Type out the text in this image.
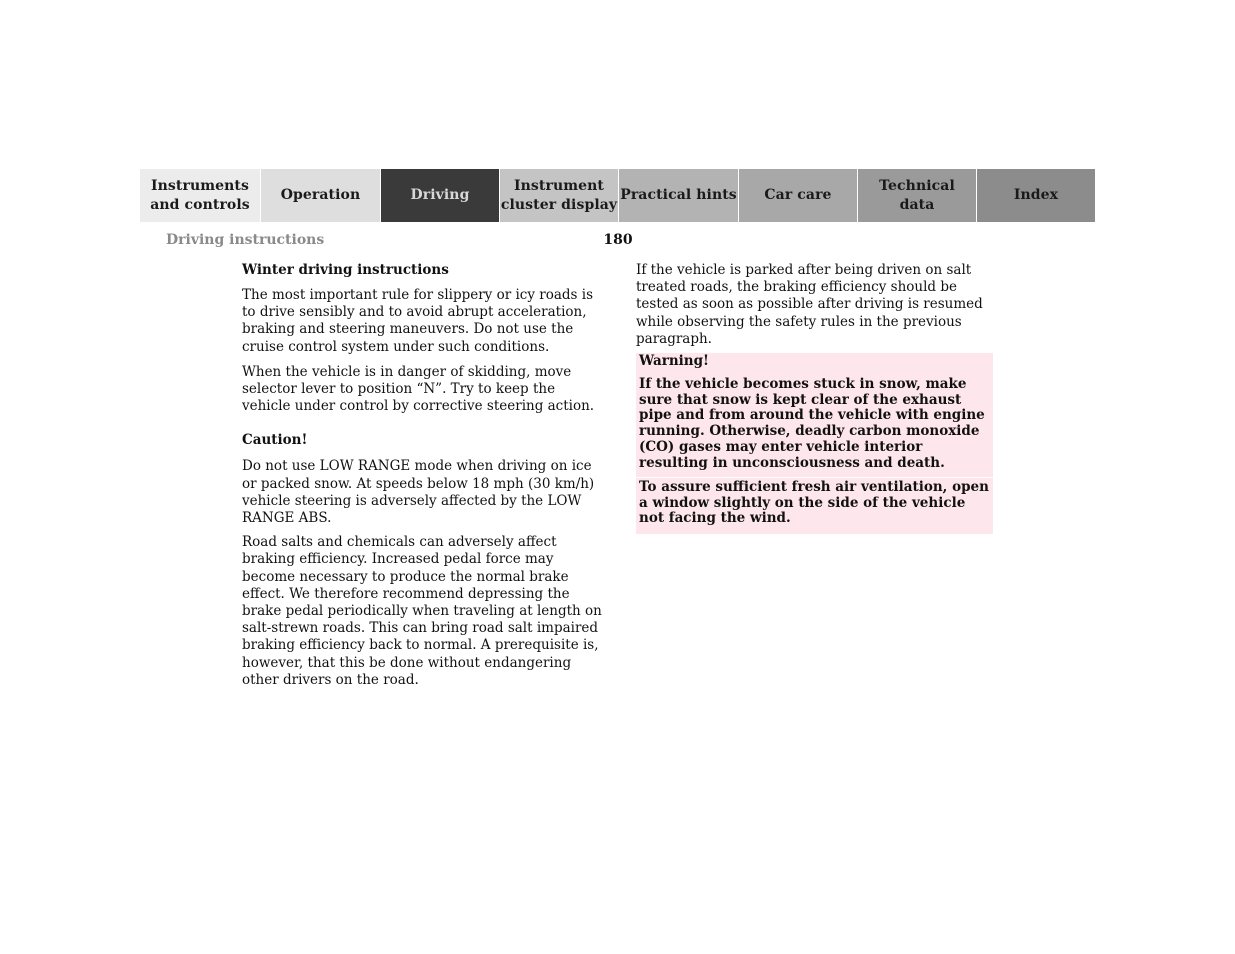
Instruments
and controls
Operation	Driving
Instrument
cluster display
Practical hints	Car care
Technical
data
Index
Driving instructions	180

Winter driving instructions

The most important rule for slippery or icy roads is to drive sensibly and to avoid abrupt acceleration, braking and steering maneuvers. Do not use the cruise control system under such conditions.

When the vehicle is in danger of skidding, move selector lever to position “N”. Try to keep the vehicle under control by corrective steering action.

Caution!

Do not use LOW RANGE mode when driving on ice or packed snow. At speeds below 18 mph (30 km/h) vehicle steering is adversely affected by the LOW RANGE ABS.

Road salts and chemicals can adversely affect braking efficiency. Increased pedal force may become necessary to produce the normal brake effect. We therefore recommend depressing the brake pedal periodically when traveling at length on salt-strewn roads. This can bring road salt impaired braking efficiency back to normal. A prerequisite is, however, that this be done without endangering other drivers on the road.

If the vehicle is parked after being driven on salt treated roads, the braking efficiency should be tested as soon as possible after driving is resumed while observing the safety rules in the previous paragraph.

Warning!

If the vehicle becomes stuck in snow, make sure that snow is kept clear of the exhaust pipe and from around the vehicle with engine running. Otherwise, deadly carbon monoxide (CO) gases may enter vehicle interior resulting in unconsciousness and death.

To assure sufficient fresh air ventilation, open a window slightly on the side of the vehicle not facing the wind.
